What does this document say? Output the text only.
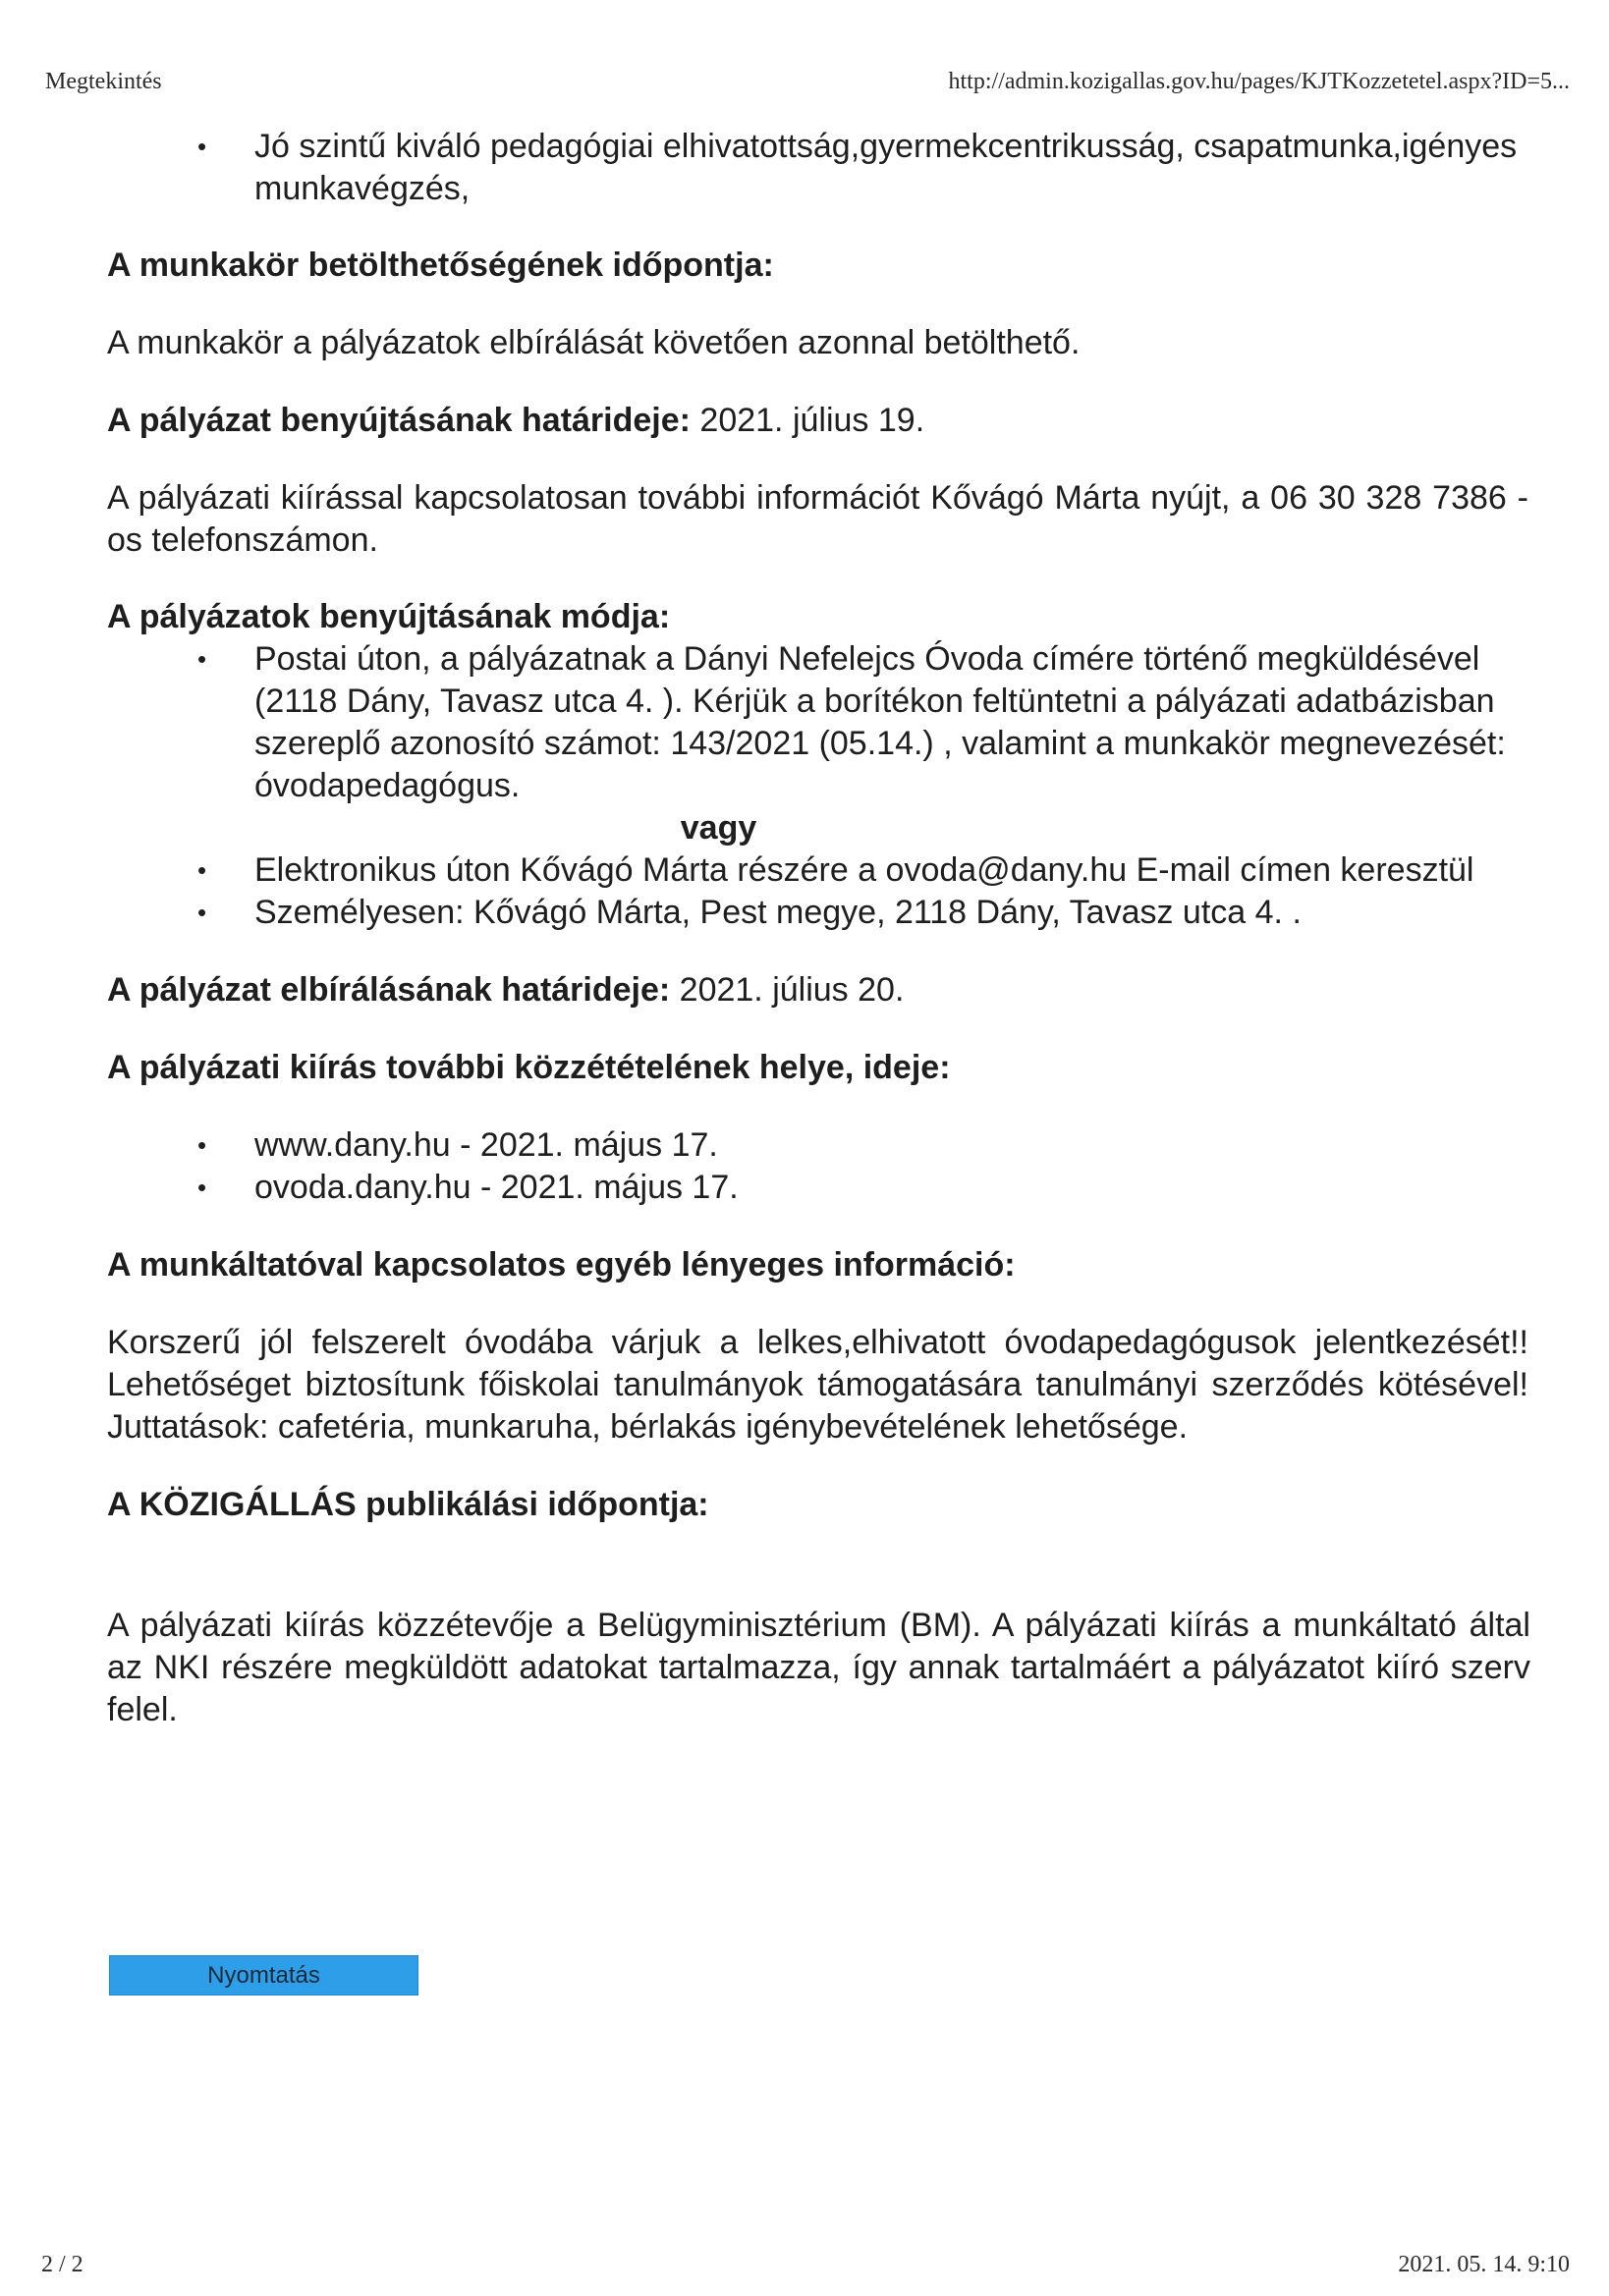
Megtekintés	http://admin.kozigallas.gov.hu/pages/KJTKozzetetel.aspx?ID=5...
• Jó szintű kiváló pedagógiai elhivatottság,gyermekcentrikusság, csapatmunka,igényes munkavégzés,
A munkakör betölthetőségének időpontja:
A munkakör a pályázatok elbírálását követően azonnal betölthető.
A pályázat benyújtásának határideje: 2021. július 19.
A pályázati kiírással kapcsolatosan további információt Kővágó Márta nyújt, a 06 30 328 7386 -os telefonszámon.
A pályázatok benyújtásának módja:
• Postai úton, a pályázatnak a Dányi Nefelejcs Óvoda címére történő megküldésével (2118 Dány, Tavasz utca 4. ). Kérjük a borítékon feltüntetni a pályázati adatbázisban szereplő azonosító számot: 143/2021 (05.14.) , valamint a munkakör megnevezését: óvodapedagógus.
vagy
• Elektronikus úton Kővágó Márta részére a ovoda@dany.hu E-mail címen keresztül
• Személyesen: Kővágó Márta, Pest megye, 2118 Dány, Tavasz utca 4. .
A pályázat elbírálásának határideje: 2021. július 20.
A pályázati kiírás további közzétételének helye, ideje:
• www.dany.hu - 2021. május 17.
• ovoda.dany.hu - 2021. május 17.
A munkáltatóval kapcsolatos egyéb lényeges információ:
Korszerű jól felszerelt óvodába várjuk a lelkes,elhivatott óvodapedagógusok jelentkezését!! Lehetőséget biztosítunk főiskolai tanulmányok támogatására tanulmányi szerződés kötésével! Juttatások: cafetéria, munkaruha, bérlakás igénybevételének lehetősége.
A KÖZIGÁLLÁS publikálási időpontja:
A pályázati kiírás közzétevője a Belügyminisztérium (BM). A pályázati kiírás a munkáltató által az NKI részére megküldött adatokat tartalmazza, így annak tartalmáért a pályázatot kiíró szerv felel.
Nyomtatás
2 / 2	2021. 05. 14. 9:10
